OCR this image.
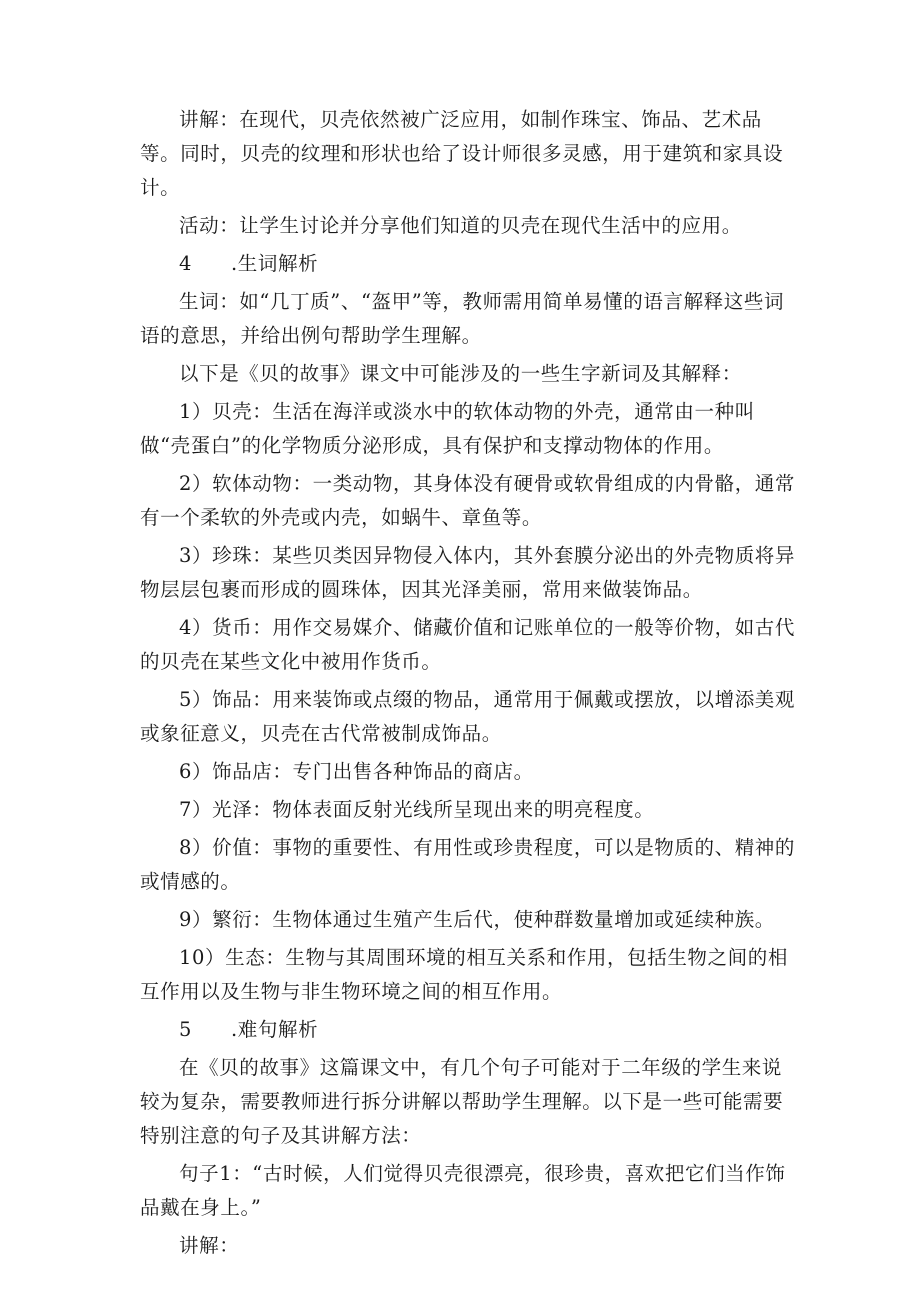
讲解：在现代，贝壳依然被广泛应用，如制作珠宝、饰品、艺术品等。同时，贝壳的纹理和形状也给了设计师很多灵感，用于建筑和家具设计。

活动：让学生讨论并分享他们知道的贝壳在现代生活中的应用。

4 .生词解析

生词：如“几丁质”、“盔甲”等，教师需用简单易懂的语言解释这些词语的意思，并给出例句帮助学生理解。

以下是《贝的故事》课文中可能涉及的一些生字新词及其解释：

1）贝壳：生活在海洋或淡水中的软体动物的外壳，通常由一种叫做“壳蛋白”的化学物质分泌形成，具有保护和支撑动物体的作用。

2）软体动物：一类动物，其身体没有硬骨或软骨组成的内骨骼，通常有一个柔软的外壳或内壳，如蜗牛、章鱼等。

3）珍珠：某些贝类因异物侵入体内，其外套膜分泌出的外壳物质将异物层层包裹而形成的圆珠体，因其光泽美丽，常用来做装饰品。

4）货币：用作交易媒介、储藏价值和记账单位的一般等价物，如古代的贝壳在某些文化中被用作货币。

5）饰品：用来装饰或点缀的物品，通常用于佩戴或摆放，以增添美观或象征意义，贝壳在古代常被制成饰品。

6）饰品店：专门出售各种饰品的商店。

7）光泽：物体表面反射光线所呈现出来的明亮程度。

8）价值：事物的重要性、有用性或珍贵程度，可以是物质的、精神的或情感的。

9）繁衍：生物体通过生殖产生后代，使种群数量增加或延续种族。

10）生态：生物与其周围环境的相互关系和作用，包括生物之间的相互作用以及生物与非生物环境之间的相互作用。

5 .难句解析

在《贝的故事》这篇课文中，有几个句子可能对于二年级的学生来说较为复杂，需要教师进行拆分讲解以帮助学生理解。以下是一些可能需要特别注意的句子及其讲解方法：

句子1：“古时候，人们觉得贝壳很漂亮，很珍贵，喜欢把它们当作饰品戴在身上。”

讲解：
